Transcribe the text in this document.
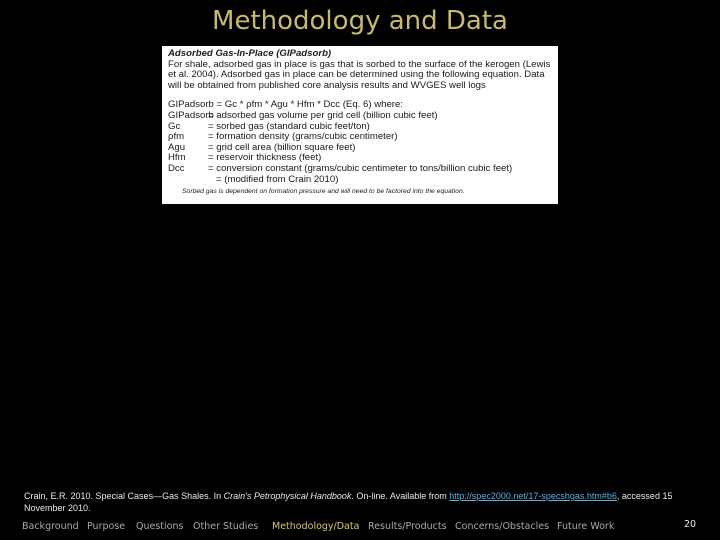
Methodology and Data
Adsorbed Gas-In-Place (GIPadsorb)
For shale, adsorbed gas in place is gas that is sorbed to the surface of the kerogen (Lewis
et al. 2004). Adsorbed gas in place can be determined using the following equation. Data
will be obtained from published core analysis results and WVGES well logs
GIPadsorb = Gc * ρfm * Agu * Hfm * Dcc (Eq. 6) where:
GIPadsorb = adsorbed gas volume per grid cell (billion cubic feet)
Gc	= sorbed gas (standard cubic feet/ton)
ρfm	= formation density (grams/cubic centimeter)
Agu	= grid cell area (billion square feet)
Hfm	= reservoir thickness (feet)
Dcc	= conversion constant (grams/cubic centimeter to tons/billion cubic feet)
= (modified from Crain 2010)
Sorbed gas is dependent on formation pressure and will need to be factored into the equation.
Crain, E.R. 2010. Special Cases—Gas Shales. In Crain's Petrophysical Handbook. On-line. Available from http://spec2000.net/17-specshgas.htm#b6, accessed 15 November 2010.
Background Purpose Questions Other Studies Methodology/Data Results/Products Concerns/Obstacles Future Work	20
